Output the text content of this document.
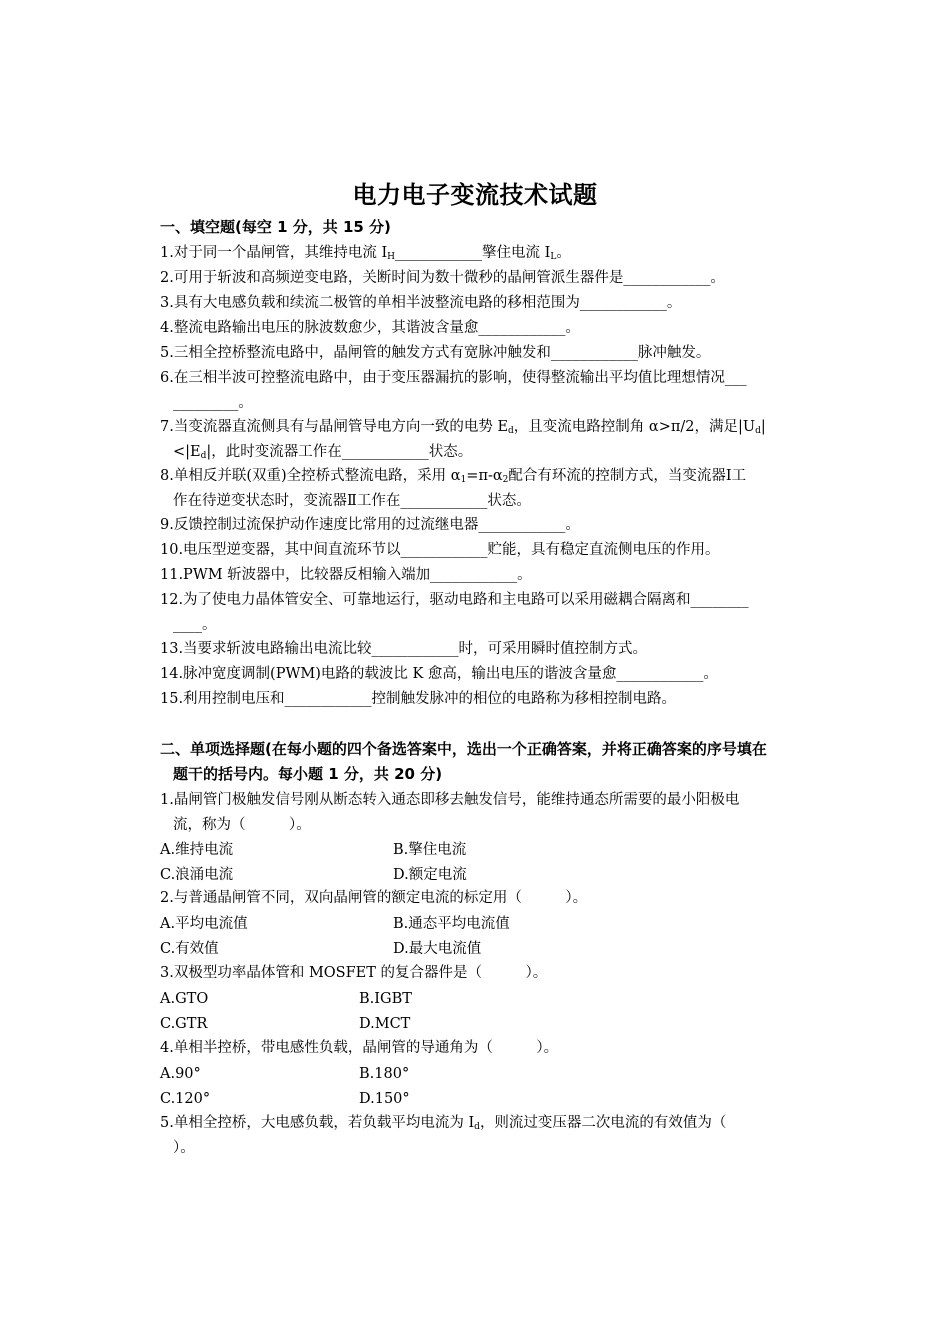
电力电子变流技术试题
一、填空题(每空 1 分，共 15 分)
1.对于同一个晶闸管，其维持电流 $I_H\_\_\_\_\_\_\_\_\_\_\_\_$擎住电流 $I_L$。
2.可用于斩波和高频逆变电路，关断时间为数十微秒的晶闸管派生器件是____________。
3.具有大电感负载和续流二极管的单相半波整流电路的移相范围为____________。
4.整流电路输出电压的脉波数愈少，其谐波含量愈____________。
5.三相全控桥整流电路中，晶闸管的触发方式有宽脉冲触发和____________脉冲触发。
6.在三相半波可控整流电路中，由于变压器漏抗的影响，使得整流输出平均值比理想情况___
_________。
7.当变流器直流侧具有与晶闸管导电方向一致的电势 $E_d$，且变流电路控制角 α>π/2，满足$|U_d|$
$<|E_d|$，此时变流器工作在____________状态。
8.单相反并联(双重)全控桥式整流电路，采用 $\alpha_1=\pi-\alpha_2$配合有环流的控制方式，当变流器Ⅰ工
作在待逆变状态时，变流器Ⅱ工作在____________状态。
9.反馈控制过流保护动作速度比常用的过流继电器____________。
10.电压型逆变器，其中间直流环节以____________贮能，具有稳定直流侧电压的作用。
11.PWM 斩波器中，比较器反相输入端加____________。
12.为了使电力晶体管安全、可靠地运行，驱动电路和主电路可以采用磁耦合隔离和________
____。
13.当要求斩波电路输出电流比较____________时，可采用瞬时值控制方式。
14.脉冲宽度调制(PWM)电路的载波比 K 愈高，输出电压的谐波含量愈____________。
15.利用控制电压和____________控制触发脉冲的相位的电路称为移相控制电路。
二、单项选择题(在每小题的四个备选答案中，选出一个正确答案，并将正确答案的序号填在
题干的括号内。每小题 1 分，共 20 分)
1.晶闸管门极触发信号刚从断态转入通态即移去触发信号，能维持通态所需要的最小阳极电
流，称为（　　　）。
A.维持电流	B.擎住电流
C.浪涌电流	D.额定电流
2.与普通晶闸管不同，双向晶闸管的额定电流的标定用（　　　）。
A.平均电流值	B.通态平均电流值
C.有效值	D.最大电流值
3.双极型功率晶体管和 MOSFET 的复合器件是（　　　）。
A.GTO	B.IGBT
C.GTR	D.MCT
4.单相半控桥，带电感性负载，晶闸管的导通角为（　　　）。
A.90°	B.180°
C.120°	D.150°
5.单相全控桥，大电感负载，若负载平均电流为 $I_d$，则流过变压器二次电流的有效值为（
）。
